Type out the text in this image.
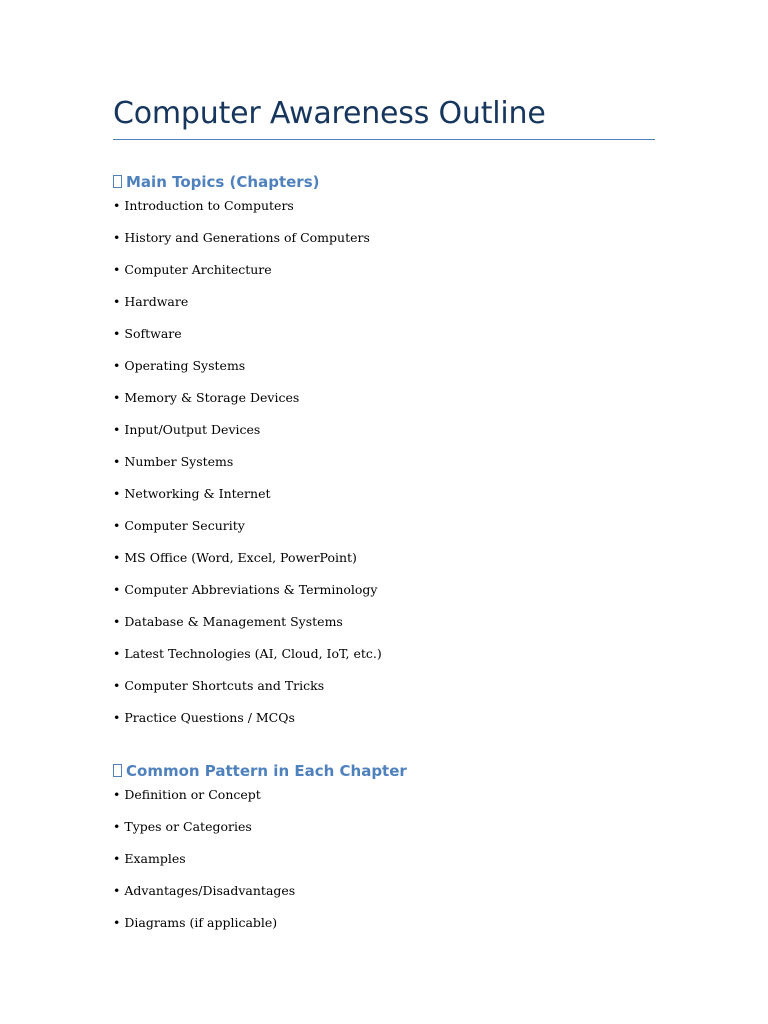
Computer Awareness Outline
Main Topics (Chapters)
• Introduction to Computers
• History and Generations of Computers
• Computer Architecture
• Hardware
• Software
• Operating Systems
• Memory & Storage Devices
• Input/Output Devices
• Number Systems
• Networking & Internet
• Computer Security
• MS Office (Word, Excel, PowerPoint)
• Computer Abbreviations & Terminology
• Database & Management Systems
• Latest Technologies (AI, Cloud, IoT, etc.)
• Computer Shortcuts and Tricks
• Practice Questions / MCQs
Common Pattern in Each Chapter
• Definition or Concept
• Types or Categories
• Examples
• Advantages/Disadvantages
• Diagrams (if applicable)
